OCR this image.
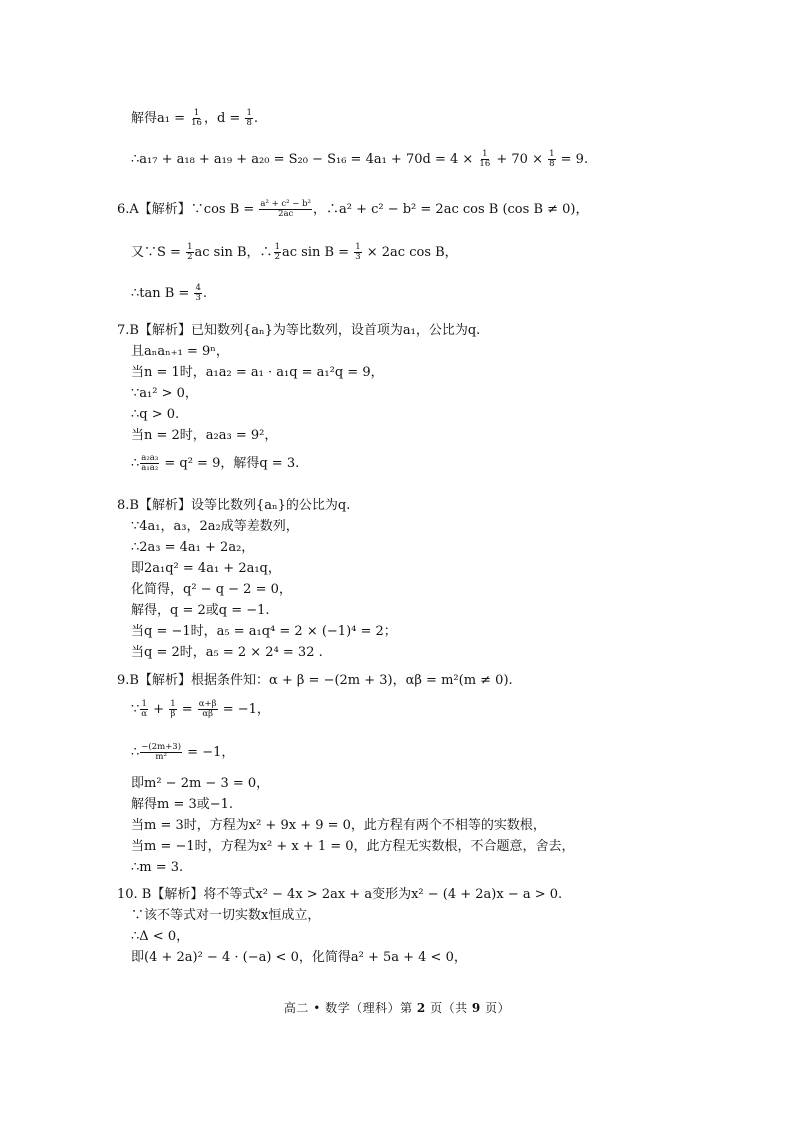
解得$a_1 = \frac{1}{16}$ ，$d = \frac{1}{8}$ .
∴a₁₇ + $a_{18} + a_{19} + a_{20} = S_{20} - S_{16} = 4a_1 + 70d = 4 \times \frac{1}{16} + 70 \times \frac{1}{8} = 9$.
6.A【解析】∵cos $B = \frac{\text{a² + c² − b²}}{2ac}$ ，∴a² + c² − b² = 2ac cos B (cos B ≠ 0)，
又∵S = $\frac{1}{2}$ ac sin B，∴ $\frac{1}{2}$ ac $\sin B = \frac{1}{3} \times 2ac$ cos B，
∴tan $B = \frac{4}{3}$ .
7.B【解析】已知数列{aₙ}为等比数列，设首项为a₁，公比为q.
且aₙaₙ₊₁ = 9ⁿ，
当n = 1时，a₁a₂ = a₁ · a₁q = a₁²q = 9，
∵a₁² > 0，
∴q > 0.
当n = 2时，a₂a₃ = 9²，
∴ $\frac{\text{a₂a₃}}{\text{a₁a₂}} = q^2 = 9$，解得q = 3.
8.B【解析】设等比数列{aₙ}的公比为q.
∵4a₁，a₃，2a₂成等差数列，
∴2a₃ = 4a₁ + 2a₂，
即2a₁q² = 4a₁ + 2a₁q，
化简得，q² − q − 2 = 0，
解得，q = 2或q = −1.
当q = −1时，a₅ = a₁q⁴ = 2 × (−1)⁴ = 2；
当q = 2时，a₅ = 2 × 2⁴ = 32 .
9.B【解析】根据条件知：α + β = −(2m + 3)，αβ = m²(m ≠ 0).
∵ $\frac{1}{\alpha} + \frac{1}{\beta} = \frac{\alpha+\beta}{\alpha\beta} = -1$，
∴ $\frac{-(2m+3)}{\text{m²}} = -1$，
即m² − 2m − 3 = 0，
解得m = 3或−1.
当m = 3时，方程为x² + 9x + 9 = 0，此方程有两个不相等的实数根，
当m = −1时，方程为x² + x + 1 = 0，此方程无实数根，不合题意，舍去，
∴m = 3.
10. B【解析】将不等式x² − 4x > 2ax + a变形为x² − (4 + 2a)x − a > 0.
∵该不等式对一切实数x恒成立，
∴Δ < 0，
即(4 + 2a)² − 4 · (−a) < 0，化简得a² + 5a + 4 < 0，
高二 • 数学（理科）第 2 页（共 9 页）
